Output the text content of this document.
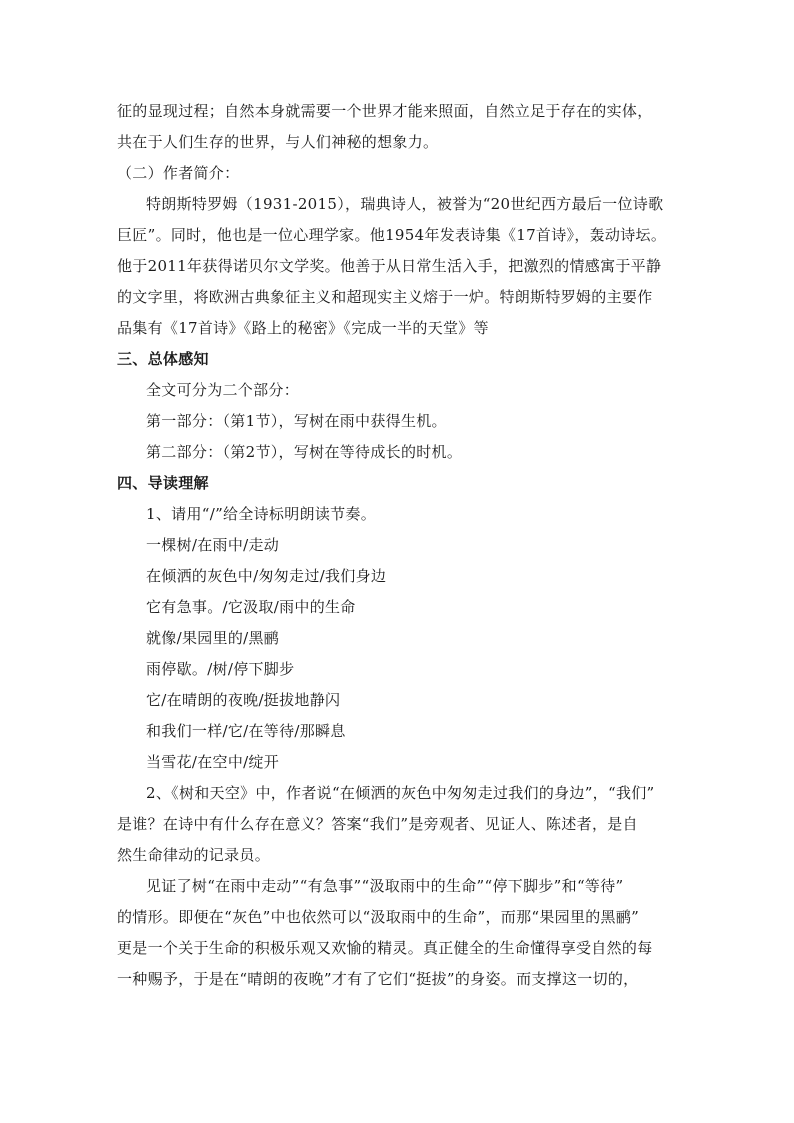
征的显现过程；自然本身就需要一个世界才能来照面，自然立足于存在的实体，
共在于人们生存的世界，与人们神秘的想象力。
（二）作者简介：
特朗斯特罗姆（1931-2015），瑞典诗人，被誉为“20世纪西方最后一位诗歌
巨匠”。同时，他也是一位心理学家。他1954年发表诗集《17首诗》，轰动诗坛。
他于2011年获得诺贝尔文学奖。他善于从日常生活入手，把激烈的情感寓于平静
的文字里，将欧洲古典象征主义和超现实主义熔于一炉。特朗斯特罗姆的主要作
品集有《17首诗》《路上的秘密》《完成一半的天堂》等
三、总体感知
全文可分为二个部分：
第一部分：（第1节），写树在雨中获得生机。
第二部分：（第2节），写树在等待成长的时机。
四、导读理解
1、请用“/”给全诗标明朗读节奏。
一棵树/在雨中/走动
在倾洒的灰色中/匆匆走过/我们身边
它有急事。/它汲取/雨中的生命
就像/果园里的/黑鹂
雨停歇。/树/停下脚步
它/在晴朗的夜晚/挺拔地静闪
和我们一样/它/在等待/那瞬息
当雪花/在空中/绽开
2、《树和天空》中，作者说“在倾洒的灰色中匆匆走过我们的身边”，“我们”
是谁？在诗中有什么存在意义？答案“我们”是旁观者、见证人、陈述者，是自
然生命律动的记录员。
见证了树“在雨中走动”“有急事”“汲取雨中的生命”“停下脚步”和“等待”
的情形。即便在“灰色”中也依然可以“汲取雨中的生命”，而那“果园里的黑鹂”
更是一个关于生命的积极乐观又欢愉的精灵。真正健全的生命懂得享受自然的每
一种赐予，于是在“晴朗的夜晚”才有了它们“挺拔”的身姿。而支撑这一切的，
